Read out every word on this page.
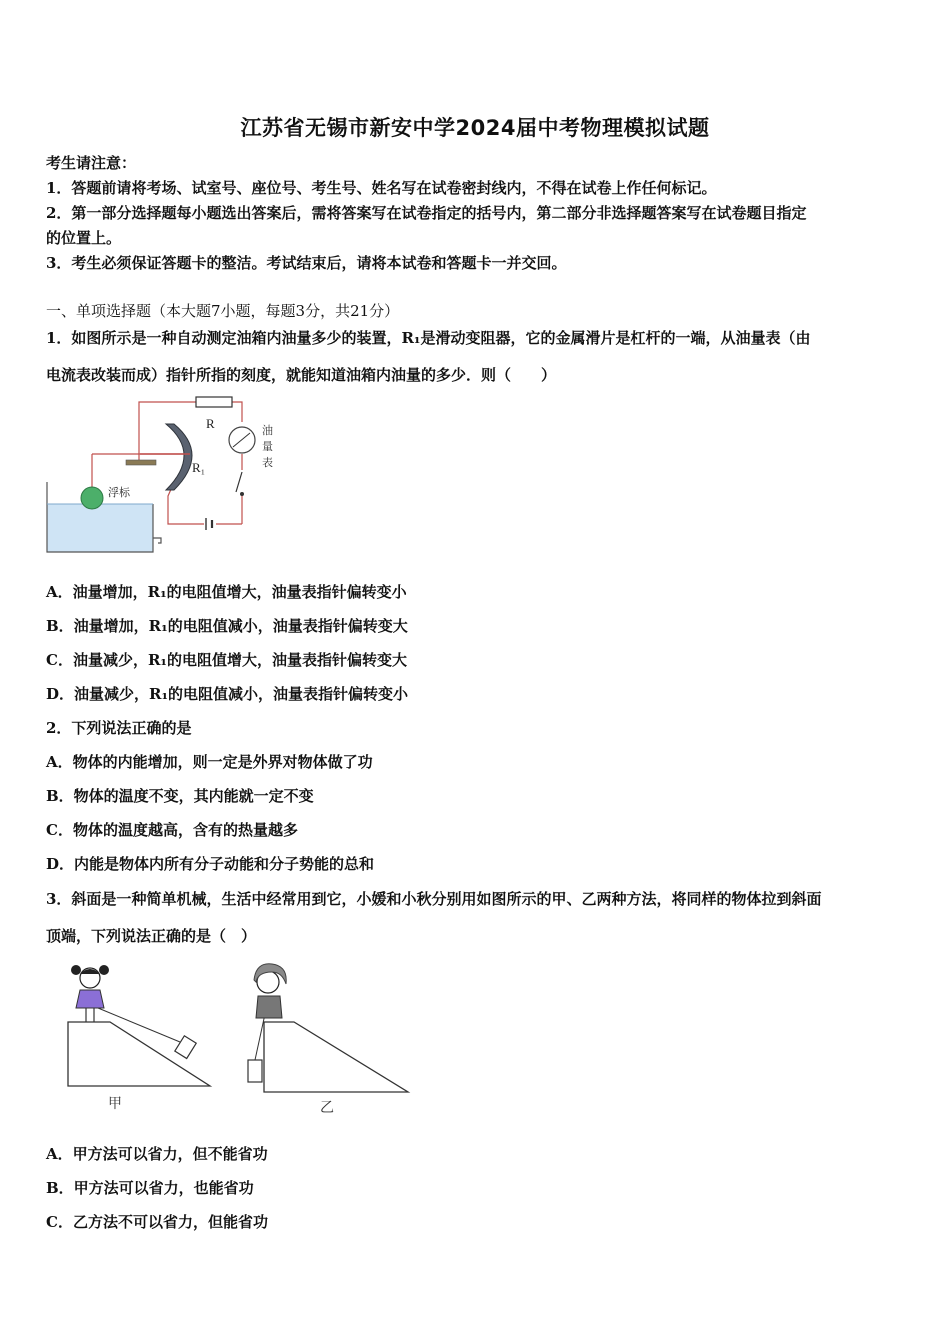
江苏省无锡市新安中学2024届中考物理模拟试题
考生请注意：
1．答题前请将考场、试室号、座位号、考生号、姓名写在试卷密封线内，不得在试卷上作任何标记。
2．第一部分选择题每小题选出答案后，需将答案写在试卷指定的括号内，第二部分非选择题答案写在试卷题目指定
的位置上。
3．考生必须保证答题卡的整洁。考试结束后，请将本试卷和答题卡一并交回。
一、单项选择题（本大题7小题，每题3分，共21分）
1．如图所示是一种自动测定油箱内油量多少的装置，R₁是滑动变阻器，它的金属滑片是杠杆的一端，从油量表（由
电流表改装而成）指针所指的刻度，就能知道油箱内油量的多少．则（　　）
R
R₁
油
量
表
浮标
A．油量增加，R₁的电阻值增大，油量表指针偏转变小
B．油量增加，R₁的电阻值减小，油量表指针偏转变大
C．油量减少，R₁的电阻值增大，油量表指针偏转变大
D．油量减少，R₁的电阻值减小，油量表指针偏转变小
2．下列说法正确的是
A．物体的内能增加，则一定是外界对物体做了功
B．物体的温度不变，其内能就一定不变
C．物体的温度越高，含有的热量越多
D．内能是物体内所有分子动能和分子势能的总和
3．斜面是一种简单机械，生活中经常用到它，小媛和小秋分别用如图所示的甲、乙两种方法，将同样的物体拉到斜面
顶端，下列说法正确的是（　）
甲	乙
A．甲方法可以省力，但不能省功
B．甲方法可以省力，也能省功
C．乙方法不可以省力，但能省功
